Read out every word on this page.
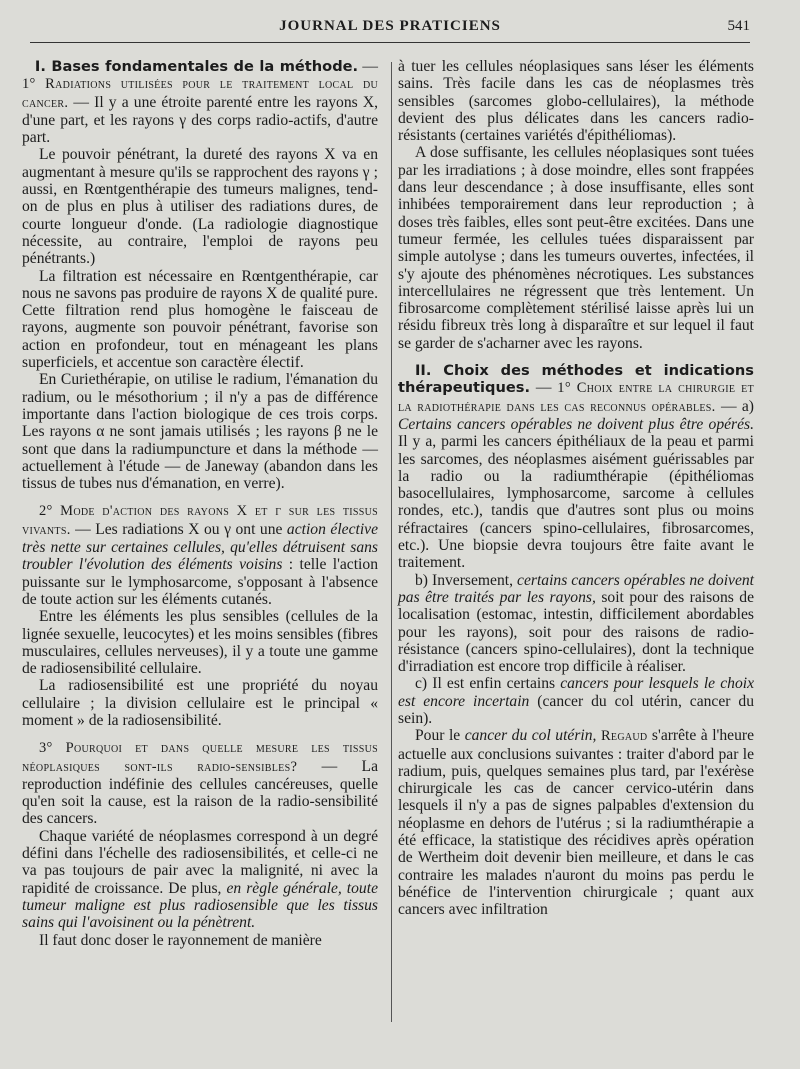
JOURNAL DES PRATICIENS	541

I. Bases fondamentales de la méthode. — 1° Radiations utilisées pour le traitement local du cancer. — Il y a une étroite parenté entre les rayons X, d'une part, et les rayons γ des corps radio-actifs, d'autre part.

Le pouvoir pénétrant, la dureté des rayons X va en augmentant à mesure qu'ils se rapprochent des rayons γ ; aussi, en Rœntgenthérapie des tumeurs malignes, tend-on de plus en plus à utiliser des radiations dures, de courte longueur d'onde. (La radiologie diagnostique nécessite, au contraire, l'emploi de rayons peu pénétrants.)

La filtration est nécessaire en Rœntgenthérapie, car nous ne savons pas produire de rayons X de qualité pure. Cette filtration rend plus homogène le faisceau de rayons, augmente son pouvoir pénétrant, favorise son action en profondeur, tout en ménageant les plans superficiels, et accentue son caractère électif.

En Curiethérapie, on utilise le radium, l'émanation du radium, ou le mésothorium ; il n'y a pas de différence importante dans l'action biologique de ces trois corps. Les rayons α ne sont jamais utilisés ; les rayons β ne le sont que dans la radiumpuncture et dans la méthode — actuellement à l'étude — de Janeway (abandon dans les tissus de tubes nus d'émanation, en verre).

2° Mode d'action des rayons X et γ sur les tissus vivants. — Les radiations X ou γ ont une action élective très nette sur certaines cellules, qu'elles détruisent sans troubler l'évolution des éléments voisins : telle l'action puissante sur le lymphosarcome, s'opposant à l'absence de toute action sur les éléments cutanés.

Entre les éléments les plus sensibles (cellules de la lignée sexuelle, leucocytes) et les moins sensibles (fibres musculaires, cellules nerveuses), il y a toute une gamme de radiosensibilité cellulaire.

La radiosensibilité est une propriété du noyau cellulaire ; la division cellulaire est le principal « moment » de la radiosensibilité.

3° Pourquoi et dans quelle mesure les tissus néoplasiques sont-ils radio-sensibles? — La reproduction indéfinie des cellules cancéreuses, quelle qu'en soit la cause, est la raison de la radio-sensibilité des cancers.

Chaque variété de néoplasmes correspond à un degré défini dans l'échelle des radiosensibilités, et celle-ci ne va pas toujours de pair avec la malignité, ni avec la rapidité de croissance. De plus, en règle générale, toute tumeur maligne est plus radiosensible que les tissus sains qui l'avoisinent ou la pénètrent.

Il faut donc doser le rayonnement de manière

à tuer les cellules néoplasiques sans léser les éléments sains. Très facile dans les cas de néoplasmes très sensibles (sarcomes globo-cellulaires), la méthode devient des plus délicates dans les cancers radio-résistants (certaines variétés d'épithéliomas).

A dose suffisante, les cellules néoplasiques sont tuées par les irradiations ; à dose moindre, elles sont frappées dans leur descendance ; à dose insuffisante, elles sont inhibées temporairement dans leur reproduction ; à doses très faibles, elles sont peut-être excitées. Dans une tumeur fermée, les cellules tuées disparaissent par simple autolyse ; dans les tumeurs ouvertes, infectées, il s'y ajoute des phénomènes nécrotiques. Les substances intercellulaires ne régressent que très lentement. Un fibrosarcome complètement stérilisé laisse après lui un résidu fibreux très long à disparaître et sur lequel il faut se garder de s'acharner avec les rayons.

II. Choix des méthodes et indications thérapeutiques. — 1° Choix entre la chirurgie et la radiothérapie dans les cas reconnus opérables. — a) Certains cancers opérables ne doivent plus être opérés. Il y a, parmi les cancers épithéliaux de la peau et parmi les sarcomes, des néoplasmes aisément guérissables par la radio ou la radiumthérapie (épithéliomas basocellulaires, lymphosarcome, sarcome à cellules rondes, etc.), tandis que d'autres sont plus ou moins réfractaires (cancers spino-cellulaires, fibrosarcomes, etc.). Une biopsie devra toujours être faite avant le traitement.

b) Inversement, certains cancers opérables ne doivent pas être traités par les rayons, soit pour des raisons de localisation (estomac, intestin, difficilement abordables pour les rayons), soit pour des raisons de radio-résistance (cancers spino-cellulaires), dont la technique d'irradiation est encore trop difficile à réaliser.

c) Il est enfin certains cancers pour lesquels le choix est encore incertain (cancer du col utérin, cancer du sein).

Pour le cancer du col utérin, Regaud s'arrête à l'heure actuelle aux conclusions suivantes : traiter d'abord par le radium, puis, quelques semaines plus tard, par l'exérèse chirurgicale les cas de cancer cervico-utérin dans lesquels il n'y a pas de signes palpables d'extension du néoplasme en dehors de l'utérus ; si la radiumthérapie a été efficace, la statistique des récidives après opération de Wertheim doit devenir bien meilleure, et dans le cas contraire les malades n'auront du moins pas perdu le bénéfice de l'intervention chirurgicale ; quant aux cancers avec infiltration
